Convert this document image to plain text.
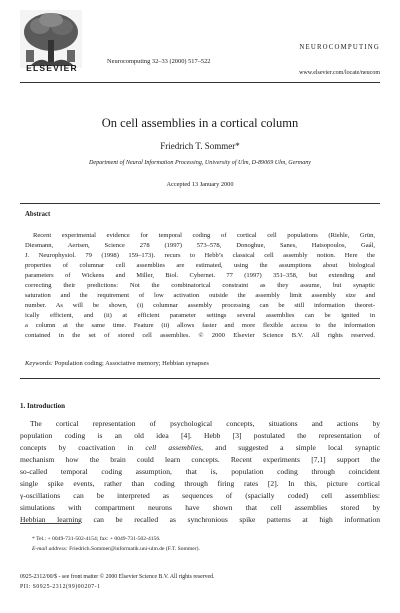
ELSEVIER
Neurocomputing 32–33 (2000) 517–522
NEUROCOMPUTING
www.elsevier.com/locate/neucom
On cell assemblies in a cortical column
Friedrich T. Sommer*
Department of Neural Information Processing, University of Ulm, D-89069 Ulm, Germany
Accepted 13 January 2000
Abstract
Recent experimental evidence for temporal coding of cortical cell populations (Riehle, Grün,
Diesmann, Aertsen, Science 278 (1997) 573–578, Donoghue, Sanes, Hatsopoulos, Gaál,
J. Neurophysiol. 79 (1998) 159–173). recurs to Hebb’s classical cell assembly notion. Here the
properties of columnar cell assemblies are estimated, using the assumptions about biological
parameters of Wickens and Miller, Biol. Cybernet. 77 (1997) 351–358, but extending and
correcting their predictions: Not the combinatorical constraint as they assume, but synaptic
saturation and the requirement of low activation outside the assembly limit assembly size and
number. As will be shown, (i) columnar assembly processing can be still information theoret-
ically efficient, and (ii) at efficient parameter settings several assemblies can be ignited in
a column at the same time. Feature (ii) allows faster and more flexible access to the information
contained in the set of stored cell assemblies. © 2000 Elsevier Science B.V. All rights reserved.
Keywords: Population coding; Associative memory; Hebbian synapses
1. Introduction
The cortical representation of psychological concepts, situations and actions by
population coding is an old idea [4]. Hebb [3] postulated the representation of
concepts by coactivation in cell assemblies, and suggested a simple local synaptic
mechanism how the brain could learn concepts. Recent experiments [7,1] support the
so-called temporal coding assumption, that is, population coding through coincident
single spike events, rather than coding through firing rates [2]. In this, picture cortical
γ-oscillations can be interpreted as sequences of (spacially coded) cell assemblies:
simulations with compartment neurons have shown that cell assemblies stored by
Hebbian learning can be recalled as synchronious spike patterns at high information
* Tel.: + 0049-731-502-4154; fax: + 0049-731-502-4156.
E-mail address: Friedrich.Sommer@informatik.uni-ulm.de (F.T. Sommer).
0925-2312/00/$ - see front matter © 2000 Elsevier Science B.V. All rights reserved.
PII: S0925-2312(99)00207-1
